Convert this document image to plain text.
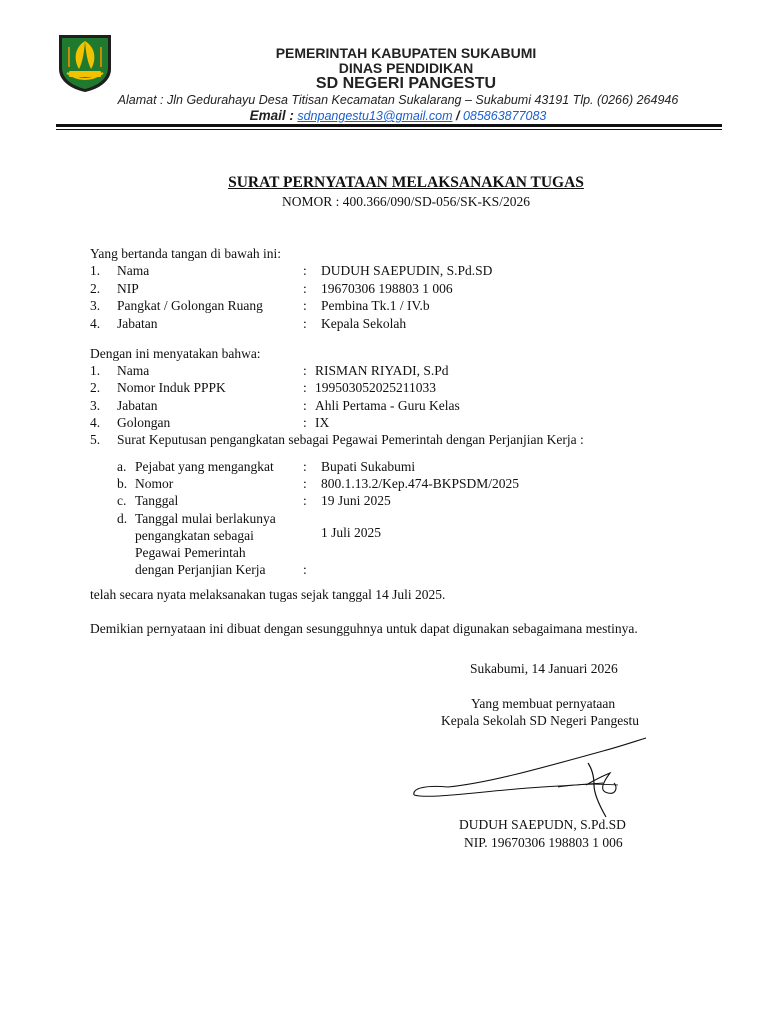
PEMERINTAH KABUPATEN SUKABUMI
DINAS PENDIDIKAN
SD NEGERI PANGESTU
Alamat : Jln Gedurahayu Desa Titisan Kecamatan Sukalarang – Sukabumi 43191 Tlp. (0266) 264946
Email : sdnpangestu13@gmail.com / 085863877083
SURAT PERNYATAAN MELAKSANAKAN TUGAS
NOMOR : 400.366/090/SD-056/SK-KS/2026
Yang bertanda tangan di bawah ini:
1. Nama	: DUDUH SAEPUDIN, S.Pd.SD
2. NIP	: 19670306 198803 1 006
3. Pangkat / Golongan Ruang	: Pembina Tk.1 / IV.b
4. Jabatan	: Kepala Sekolah
Dengan ini menyatakan bahwa:
1. Nama	: RISMAN RIYADI, S.Pd
2. Nomor Induk PPPK	: 199503052025211033
3. Jabatan	: Ahli Pertama - Guru Kelas
4. Golongan	: IX
5. Surat Keputusan pengangkatan sebagai Pegawai Pemerintah dengan Perjanjian Kerja :
a. Pejabat yang mengangkat : Bupati Sukabumi
b. Nomor	: 800.1.13.2/Kep.474-BKPSDM/2025
c. Tanggal	: 19 Juni 2025
d. Tanggal mulai berlakunya
pengangkatan sebagai
Pegawai Pemerintah
dengan Perjanjian Kerja	:
1 Juli 2025
telah secara nyata melaksanakan tugas sejak tanggal 14 Juli 2025.
Demikian pernyataan ini dibuat dengan sesungguhnya untuk dapat digunakan sebagaimana mestinya.
Sukabumi, 14 Januari 2026
Yang membuat pernyataan
Kepala Sekolah SD Negeri Pangestu
DUDUH SAEPUDN, S.Pd.SD
NIP. 19670306 198803 1 006
